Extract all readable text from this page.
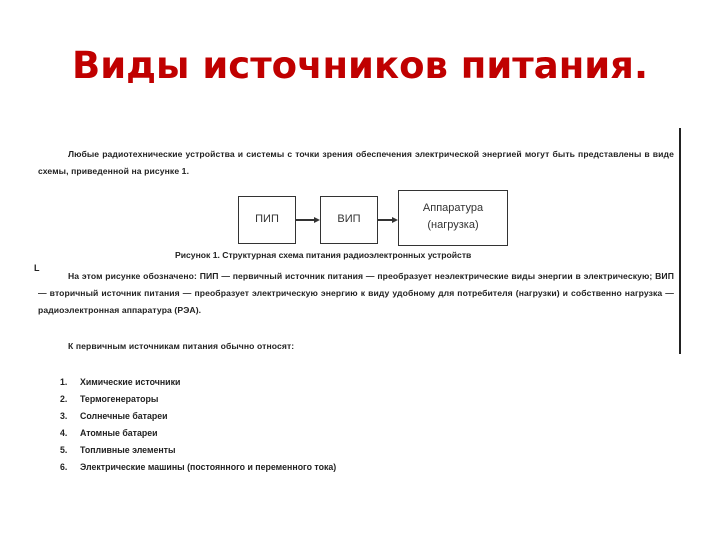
Виды источников питания.
Любые радиотехнические устройства и системы с точки зрения обеспечения электрической энергией могут быть представлены в виде схемы, приведенной на рисунке 1.
ПИП	ВИП
Аппаратура
(нагрузка)
Рисунок 1. Структурная схема питания радиоэлектронных устройств
L
На этом рисунке обозначено: ПИП — первичный источник питания — преобразует неэлектрические виды энергии в электрическую; ВИП — вторичный источник питания — преобразует электрическую энергию к виду удобному для потребителя (нагрузки) и собственно нагрузка — радиоэлектронная аппаратура (РЭА).
К первичным источникам питания обычно относят:
1. Химические источники
2. Термогенераторы
3. Солнечные батареи
4. Атомные батареи
5. Топливные элементы
6. Электрические машины (постоянного и переменного тока)
